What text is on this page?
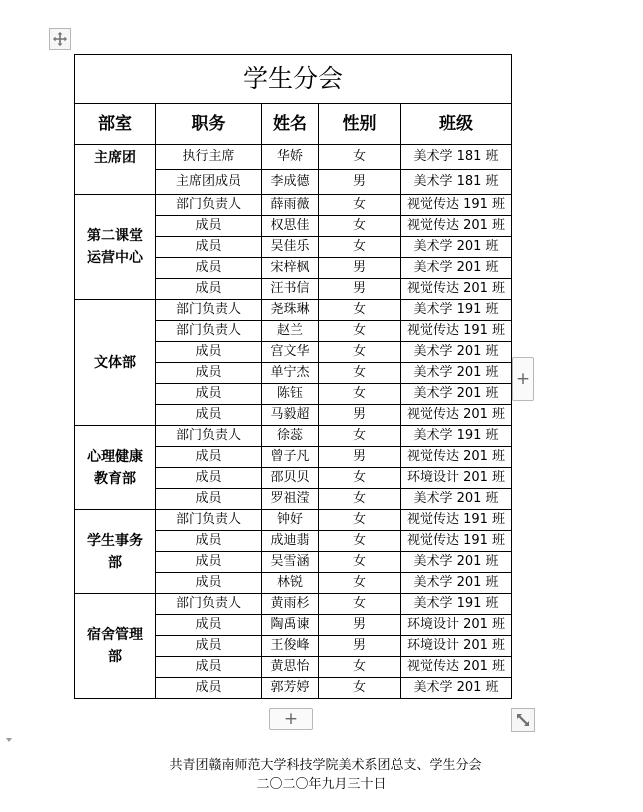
学生分会				
部室	职务	姓名	性别	班级
主席团	执行主席	华娇	女	美术学 181 班
	主席团成员	李成德	男	美术学 181 班
第二课堂运营中心	部门负责人	薛雨薇	女	视觉传达 191 班
	成员	权思佳	女	视觉传达 201 班
	成员	吴佳乐	女	美术学 201 班
	成员	宋梓枫	男	美术学 201 班
	成员	汪书信	男	视觉传达 201 班
文体部	部门负责人	尧珠琳	女	美术学 191 班
	部门负责人	赵兰	女	视觉传达 191 班
	成员	宫文华	女	美术学 201 班
	成员	单宁杰	女	美术学 201 班
	成员	陈钰	女	美术学 201 班
	成员	马毅超	男	视觉传达 201 班
心理健康教育部	部门负责人	徐蕊	女	美术学 191 班
	成员	曾子凡	男	视觉传达 201 班
	成员	邵贝贝	女	环境设计 201 班
	成员	罗祖滢	女	美术学 201 班
学生事务部	部门负责人	钟好	女	视觉传达 191 班
	成员	成迪翡	女	视觉传达 191 班
	成员	吴雪涵	女	美术学 201 班
	成员	林锐	女	美术学 201 班
宿舍管理部	部门负责人	黄雨杉	女	美术学 191 班
	成员	陶禹谏	男	环境设计 201 班
	成员	王俊峰	男	环境设计 201 班
	成员	黄思怡	女	视觉传达 201 班
	成员	郭芳婷	女	美术学 201 班
+
+
共青团赣南师范大学科技学院美术系团总支、学生分会
二〇二〇年九月三十日
